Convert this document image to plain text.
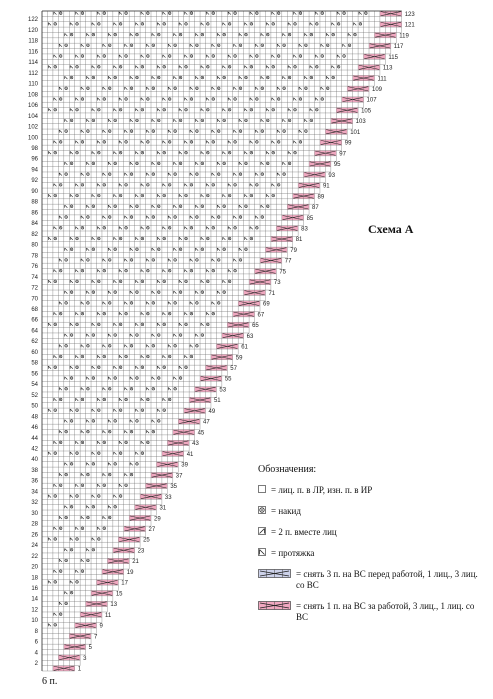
2
4
6
8
10
12
14
16
18
20
22
24
26
28
30
32
34
36
38
40
42
44
46
48
50
52
54
56
58
60
62
64
66
68
70
72
74
76
78
80
82
84
86
88
90
92
94
96
98
100
102
104
106
108
110
112
114
116
118
120
122
1
3
5
7
9
11
13
15
17
19
21
23
25
27
29
31
33
35
37
39
41
43
45
47
49
51
53
55
57
59
61
63
65
67
69
71
73
75
77
79
81
83
85
87
89
91
93
95
97
99
101
103
105
107
109
111
113
115
117
119
121
123
Схема А
6 п.
Обозначения:
= лиц. п. в ЛР, изн. п. в ИР
= накид
= 2 п. вместе лиц
= протяжка
= снять 3 п. на ВС перед работой, 1 лиц., 3 лиц. со ВС
= снять 1 п. на ВС за работой, 3 лиц., 1 лиц. со ВС
